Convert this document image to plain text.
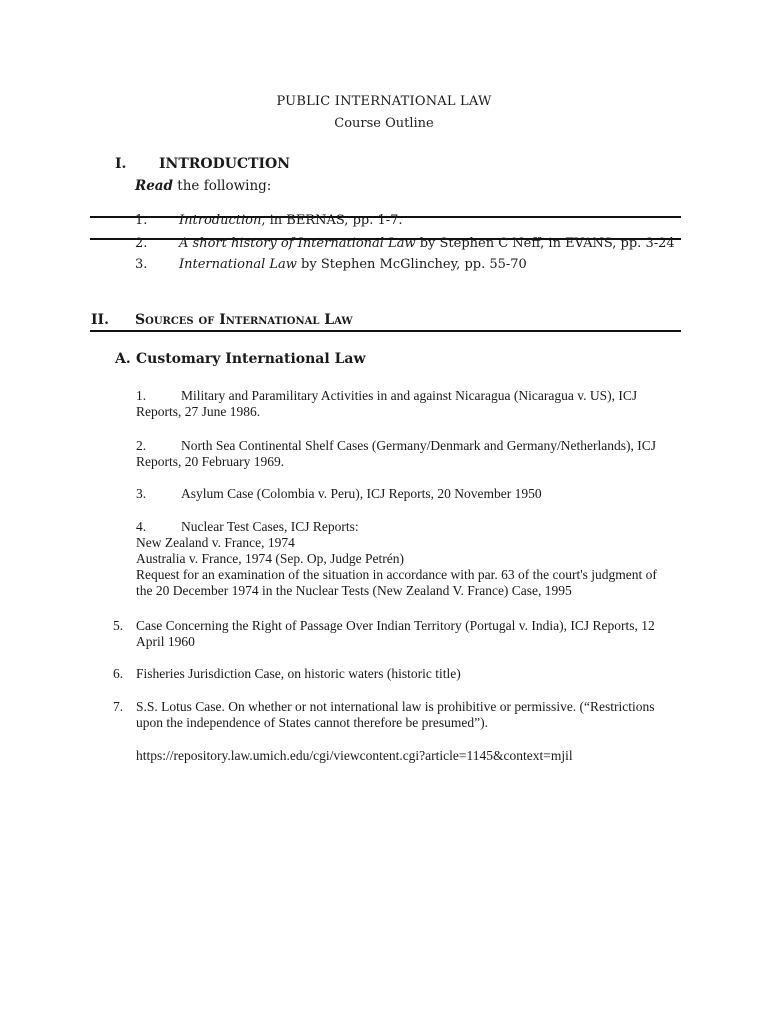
PUBLIC INTERNATIONAL LAW
Course Outline
I. INTRODUCTION
Read the following:
1. Introduction, in BERNAS, pp. 1-7.
2. A short history of International Law by Stephen C Neff, in EVANS, pp. 3-24
3. International Law by Stephen McGlinchey, pp. 55-70
II. Sources of International Law
A. Customary International Law
1.	Military and Paramilitary Activities in and against Nicaragua (Nicaragua v. US), ICJ
Reports, 27 June 1986.
2.	North Sea Continental Shelf Cases (Germany/Denmark and Germany/Netherlands), ICJ
Reports, 20 February 1969.
3.	Asylum Case (Colombia v. Peru), ICJ Reports, 20 November 1950
4.	Nuclear Test Cases, ICJ Reports:
New Zealand v. France, 1974
Australia v. France, 1974 (Sep. Op, Judge Petrén)
Request for an examination of the situation in accordance with par. 63 of the court's judgment of
the 20 December 1974 in the Nuclear Tests (New Zealand V. France) Case, 1995
5. Case Concerning the Right of Passage Over Indian Territory (Portugal v. India), ICJ Reports, 12
April 1960
6. Fisheries Jurisdiction Case, on historic waters (historic title)
7. S.S. Lotus Case. On whether or not international law is prohibitive or permissive. (“Restrictions
upon the independence of States cannot therefore be presumed”).
https://repository.law.umich.edu/cgi/viewcontent.cgi?article=1145&context=mjil
